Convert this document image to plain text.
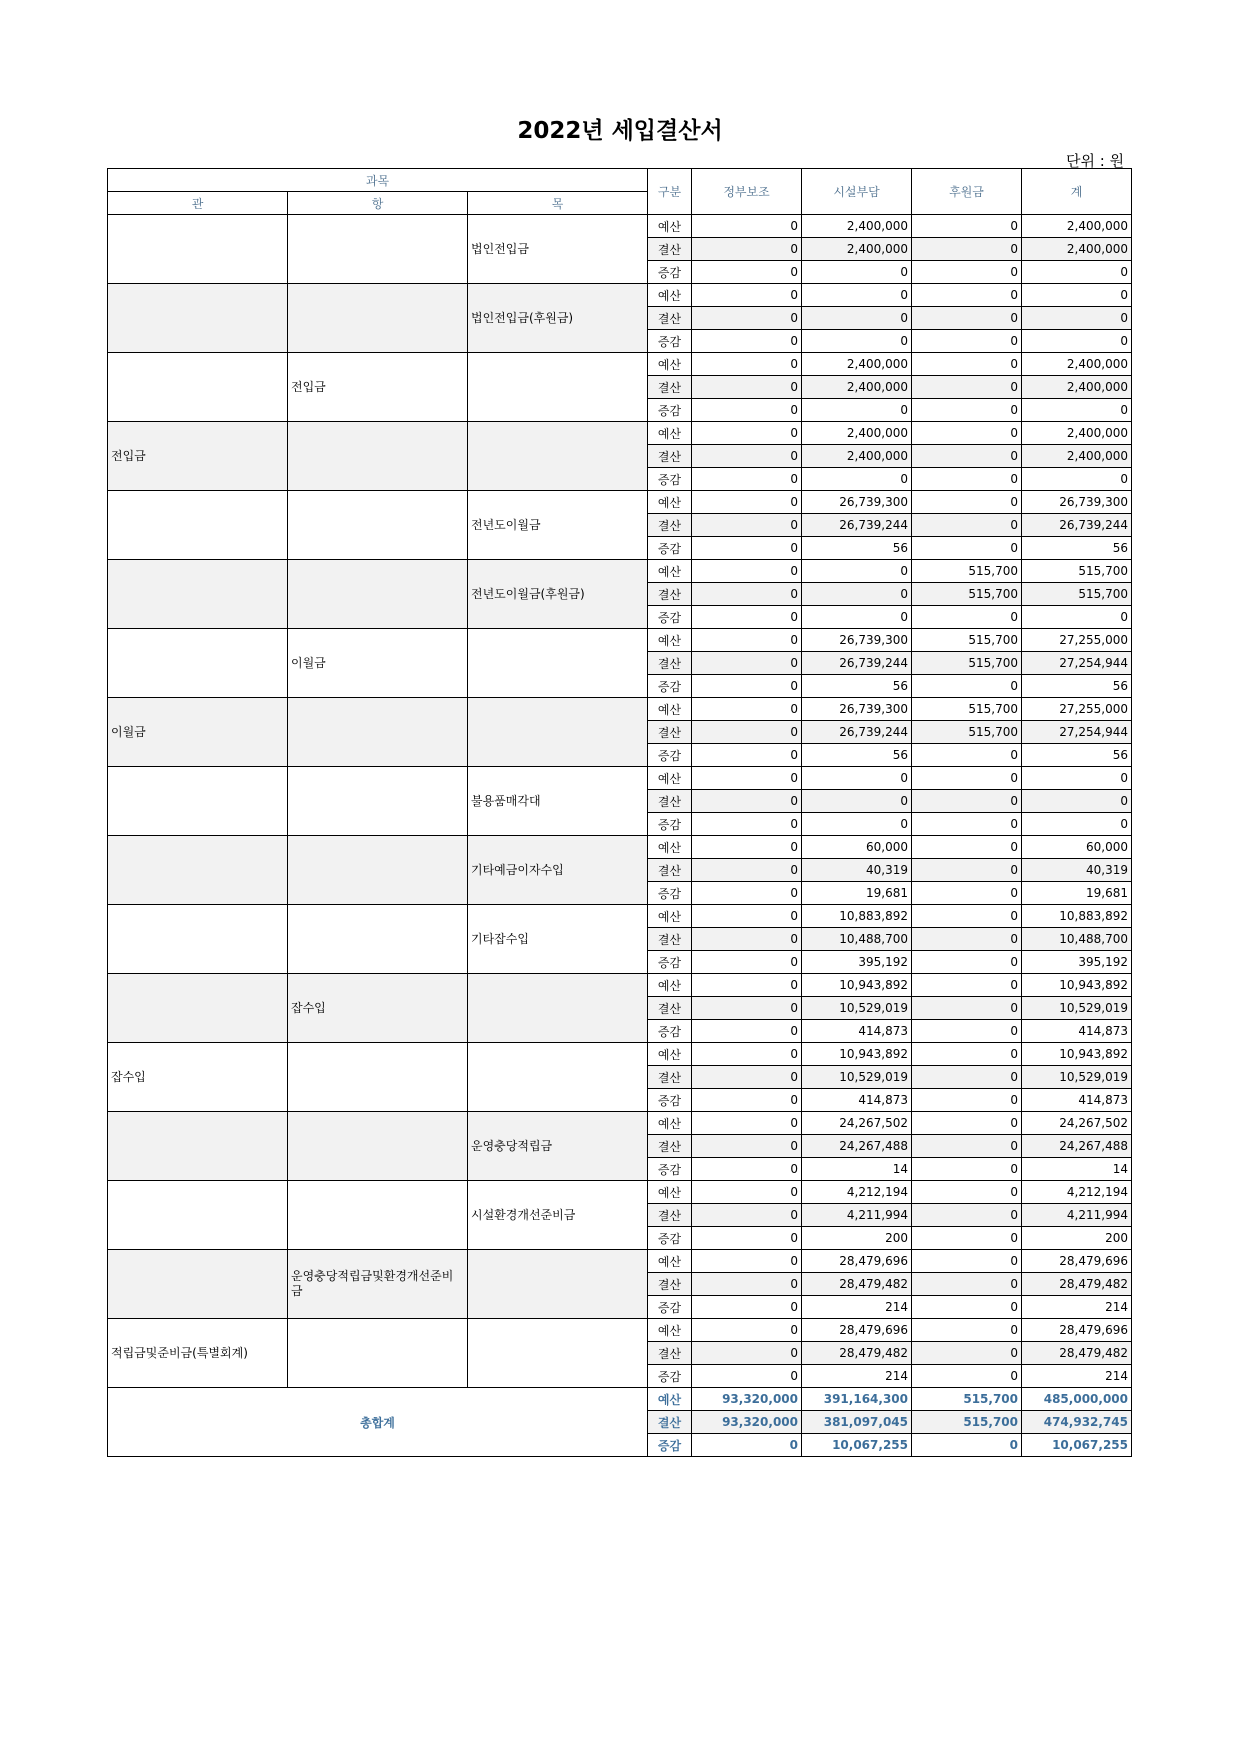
2022년 세입결산서
단위 : 원
과목			구분	정부보조	시설부담	후원금	계
관	항	목					
		법인전입금	예산	0	2,400,000	0	2,400,000
			결산	0	2,400,000	0	2,400,000
			증감	0	0	0	0
		법인전입금(후원금)	예산	0	0	0	0
			결산	0	0	0	0
			증감	0	0	0	0
	전입금		예산	0	2,400,000	0	2,400,000
			결산	0	2,400,000	0	2,400,000
			증감	0	0	0	0
전입금			예산	0	2,400,000	0	2,400,000
			결산	0	2,400,000	0	2,400,000
			증감	0	0	0	0
		전년도이월금	예산	0	26,739,300	0	26,739,300
			결산	0	26,739,244	0	26,739,244
			증감	0	56	0	56
		전년도이월금(후원금)	예산	0	0	515,700	515,700
			결산	0	0	515,700	515,700
			증감	0	0	0	0
	이월금		예산	0	26,739,300	515,700	27,255,000
			결산	0	26,739,244	515,700	27,254,944
			증감	0	56	0	56
이월금			예산	0	26,739,300	515,700	27,255,000
			결산	0	26,739,244	515,700	27,254,944
			증감	0	56	0	56
		불용품매각대	예산	0	0	0	0
			결산	0	0	0	0
			증감	0	0	0	0
		기타예금이자수입	예산	0	60,000	0	60,000
			결산	0	40,319	0	40,319
			증감	0	19,681	0	19,681
		기타잡수입	예산	0	10,883,892	0	10,883,892
			결산	0	10,488,700	0	10,488,700
			증감	0	395,192	0	395,192
	잡수입		예산	0	10,943,892	0	10,943,892
			결산	0	10,529,019	0	10,529,019
			증감	0	414,873	0	414,873
잡수입			예산	0	10,943,892	0	10,943,892
			결산	0	10,529,019	0	10,529,019
			증감	0	414,873	0	414,873
		운영충당적립금	예산	0	24,267,502	0	24,267,502
			결산	0	24,267,488	0	24,267,488
			증감	0	14	0	14
		시설환경개선준비금	예산	0	4,212,194	0	4,212,194
			결산	0	4,211,994	0	4,211,994
			증감	0	200	0	200
	운영충당적립금및환경개선준비금		예산	0	28,479,696	0	28,479,696
			결산	0	28,479,482	0	28,479,482
			증감	0	214	0	214
적립금및준비금(특별회계)			예산	0	28,479,696	0	28,479,696
			결산	0	28,479,482	0	28,479,482
			증감	0	214	0	214
총합계			예산	93,320,000	391,164,300	515,700	485,000,000
			결산	93,320,000	381,097,045	515,700	474,932,745
			증감	0	10,067,255	0	10,067,255
